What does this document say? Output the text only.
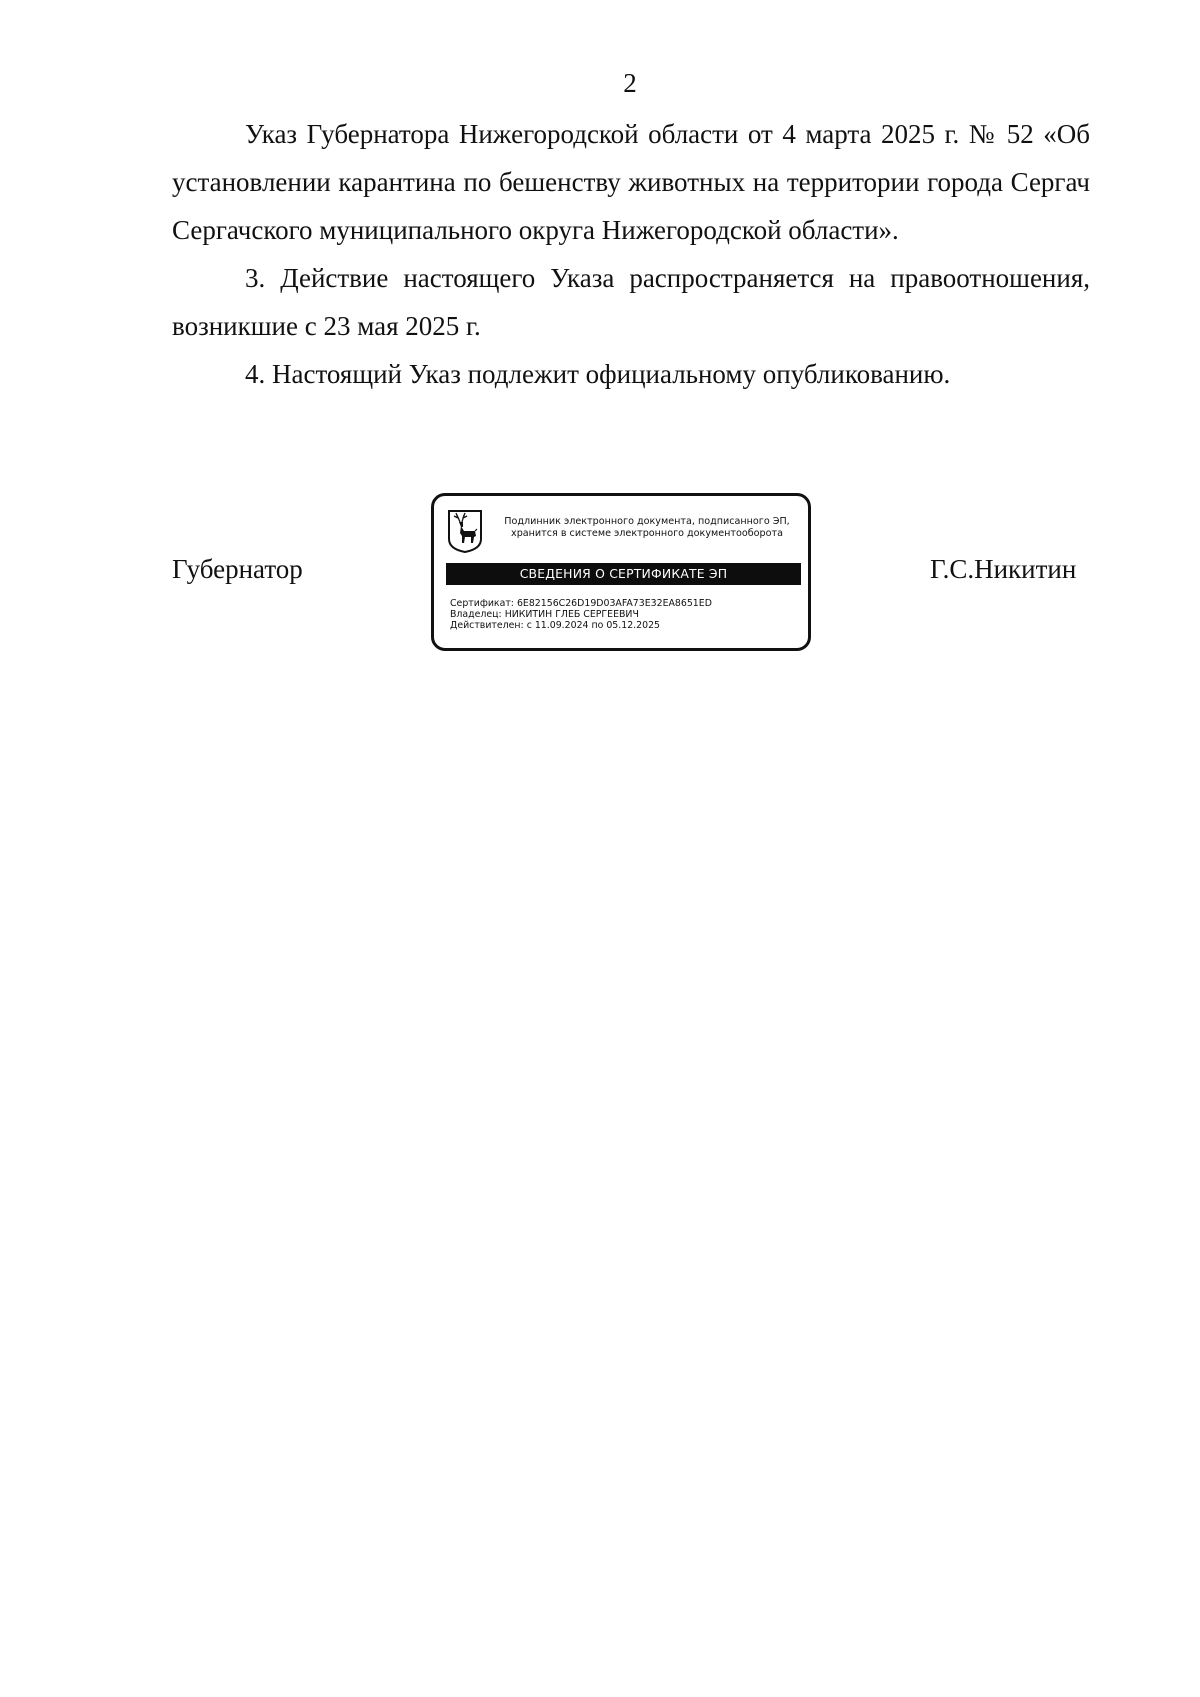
2

Указ Губернатора Нижегородской области от 4 марта 2025 г. № 52 «Об установлении карантина по бешенству животных на территории города Сергач Сергачского муниципального округа Нижегородской области».

3. Действие настоящего Указа распространяется на правоотношения, возникшие с 23 мая 2025 г.

4. Настоящий Указ подлежит официальному опубликованию.

Губернатор	Г.С.Никитин
Подлинник электронного документа, подписанного ЭП,
хранится в системе электронного документооборота
СВЕДЕНИЯ О СЕРТИФИКАТЕ ЭП
Сертификат: 6E82156C26D19D03AFA73E32EA8651ED
Владелец: НИКИТИН ГЛЕБ СЕРГЕЕВИЧ
Действителен: с 11.09.2024 по 05.12.2025
